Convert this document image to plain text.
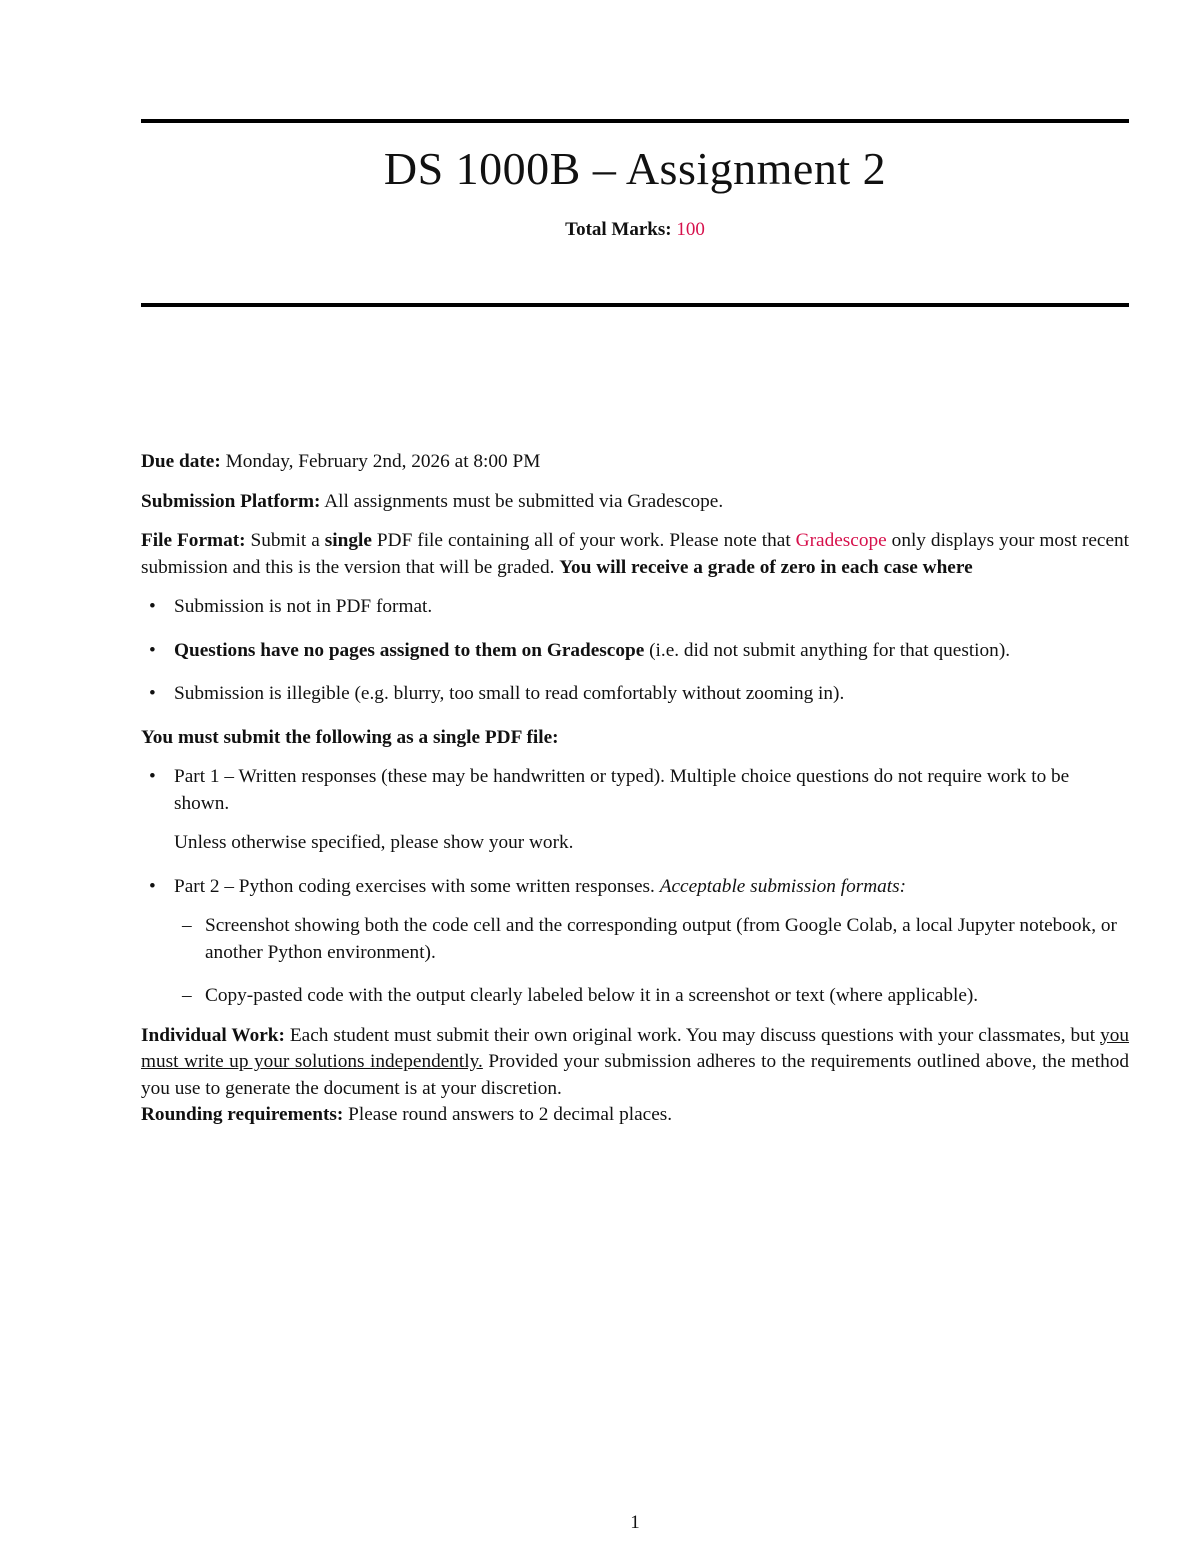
DS 1000B – Assignment 2
Total Marks: 100

Due date: Monday, February 2nd, 2026 at 8:00 PM

Submission Platform: All assignments must be submitted via Gradescope.

File Format: Submit a single PDF file containing all of your work. Please note that Gradescope only displays your most recent submission and this is the version that will be graded. You will receive a grade of zero in each case where

• Submission is not in PDF format.
• Questions have no pages assigned to them on Gradescope (i.e. did not submit anything for that question).
• Submission is illegible (e.g. blurry, too small to read comfortably without zooming in).

You must submit the following as a single PDF file:

• Part 1 – Written responses (these may be handwritten or typed). Multiple choice questions do not require work to be shown.

Unless otherwise specified, please show your work.

• Part 2 – Python coding exercises with some written responses. Acceptable submission formats:
– Screenshot showing both the code cell and the corresponding output (from Google Colab, a local Jupyter notebook, or another Python environment).
– Copy-pasted code with the output clearly labeled below it in a screenshot or text (where applicable).

Individual Work: Each student must submit their own original work. You may discuss questions with your classmates, but you must write up your solutions independently. Provided your submission adheres to the requirements outlined above, the method you use to generate the document is at your discretion.

Rounding requirements: Please round answers to 2 decimal places.

1
